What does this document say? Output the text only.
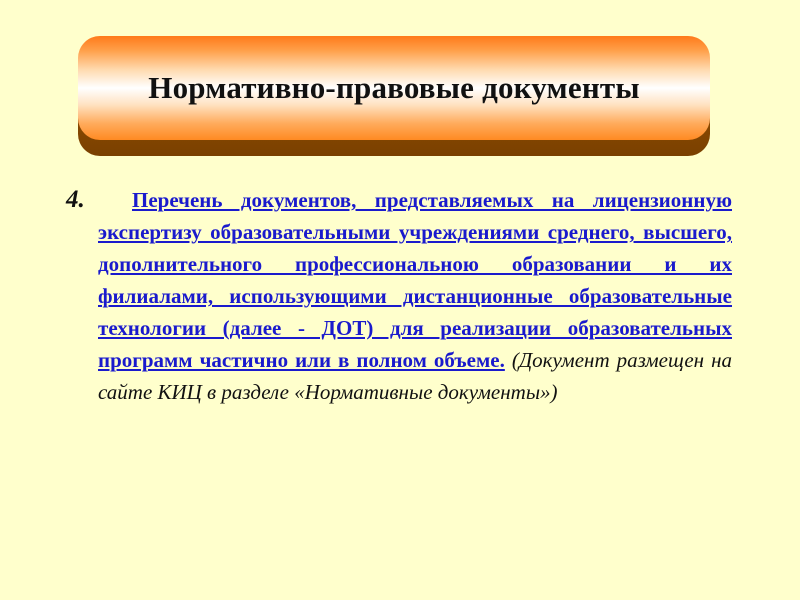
Нормативно-правовые документы
4. Перечень документов, представляемых на лицензионную экспертизу образовательными учреждениями среднего, высшего, дополнительного профессиональною образовании и их филиалами, использующими дистанционные образовательные технологии (далее - ДОТ) для реализации образовательных программ частично или в полном объеме. (Документ размещен на сайте КИЦ в разделе «Нормативные документы»)
